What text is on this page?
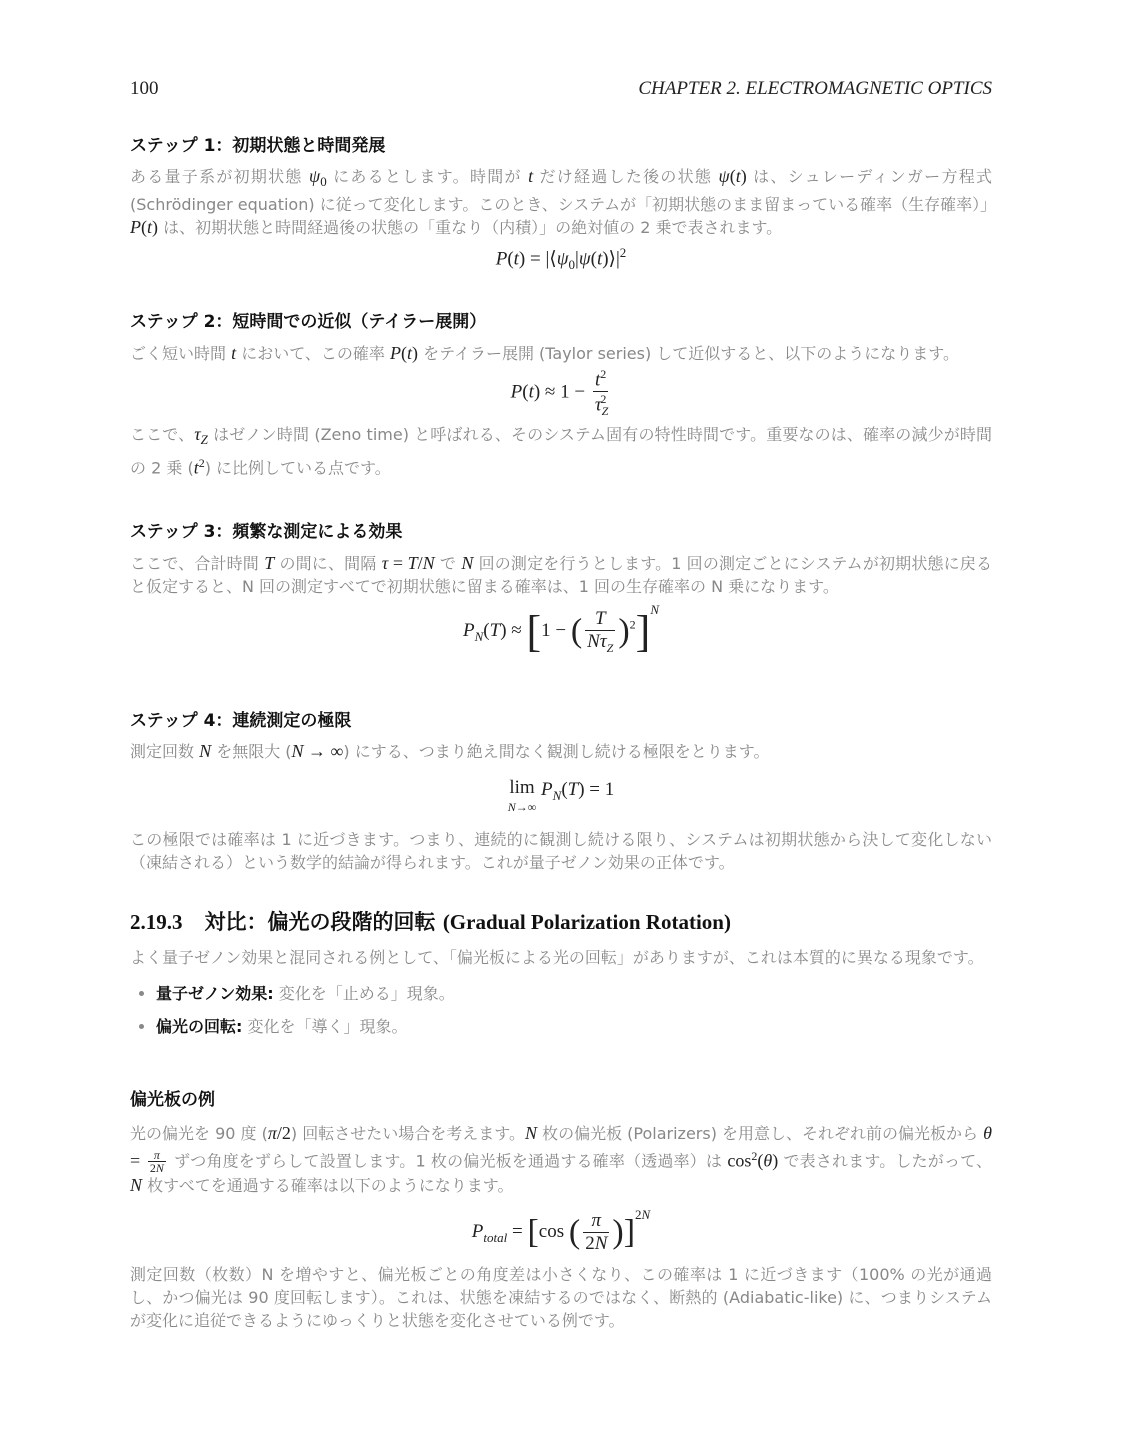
100	CHAPTER 2. ELECTROMAGNETIC OPTICS
ステップ 1：初期状態と時間発展

ある量子系が初期状態 $\psi_0$ にあるとします。時間が t だけ経過した後の状態 ψ(t) は、シュレーディンガー方程式 (Schrödinger equation) に従って変化します。このとき、システムが「初期状態のまま留まっている確率（生存確率）」P(t) は、初期状態と時間経過後の状態の「重なり（内積）」の絶対値の 2 乗で表されます。

$P(t) = |⟨\psi_0|\psi(t)⟩|^2$
ステップ 2：短時間での近似（テイラー展開）

ごく短い時間 t において、この確率 P(t) をテイラー展開 (Taylor series) して近似すると、以下のようになります。

$P(t) \approx 1 - \frac{t^2}{\tau_Z^2}$

ここで、$\tau_Z$ はゼノン時間 (Zeno time) と呼ばれる、そのシステム固有の特性時間です。重要なのは、確率の減少が時間の 2 乗 $(t^2)$ に比例している点です。

ステップ 3：頻繁な測定による効果

ここで、合計時間 T の間に、間隔 τ = T/N で N 回の測定を行うとします。1 回の測定ごとにシステムが初期状態に戻ると仮定すると、N 回の測定すべてで初期状態に留まる確率は、1 回の生存確率の N 乗になります。

$P_N(T) \approx [1$ − ( $\frac{T}{N\tau_Z} )^2]^N$
ステップ 4：連続測定の極限

測定回数 N を無限大 (N → ∞) にする、つまり絶え間なく観測し続ける極限をとります。

lim
N→∞ $P_N(T) = 1$

この極限では確率は 1 に近づきます。つまり、連続的に観測し続ける限り、システムは初期状態から決して変化しない（凍結される）という数学的結論が得られます。これが量子ゼノン効果の正体です。

2.19.3 対比：偏光の段階的回転 (Gradual Polarization Rotation)

よく量子ゼノン効果と混同される例として、「偏光板による光の回転」がありますが、これは本質的に異なる現象です。

• 量子ゼノン効果: 変化を「止める」現象。
• 偏光の回転: 変化を「導く」現象。
偏光板の例

光の偏光を 90 度 (π/2) 回転させたい場合を考えます。N 枚の偏光板 (Polarizers) を用意し、それぞれ前の偏光板から $\theta = \frac{\pi}{2N}$ ずつ角度をずらして設置します。1 枚の偏光板を通過する確率（透過率）は $\cos^2(\theta)$ で表されます。したがって、N 枚すべてを通過する確率は以下のようになります。

$P_{total} = [\cos$ ( $\frac{\pi}{2N} )]^{2N}$

測定回数（枚数）N を増やすと、偏光板ごとの角度差は小さくなり、この確率は 1 に近づきます（100% の光が通過し、かつ偏光は 90 度回転します）。これは、状態を凍結するのではなく、断熱的 (Adiabatic-like) に、つまりシステムが変化に追従できるようにゆっくりと状態を変化させている例です。
